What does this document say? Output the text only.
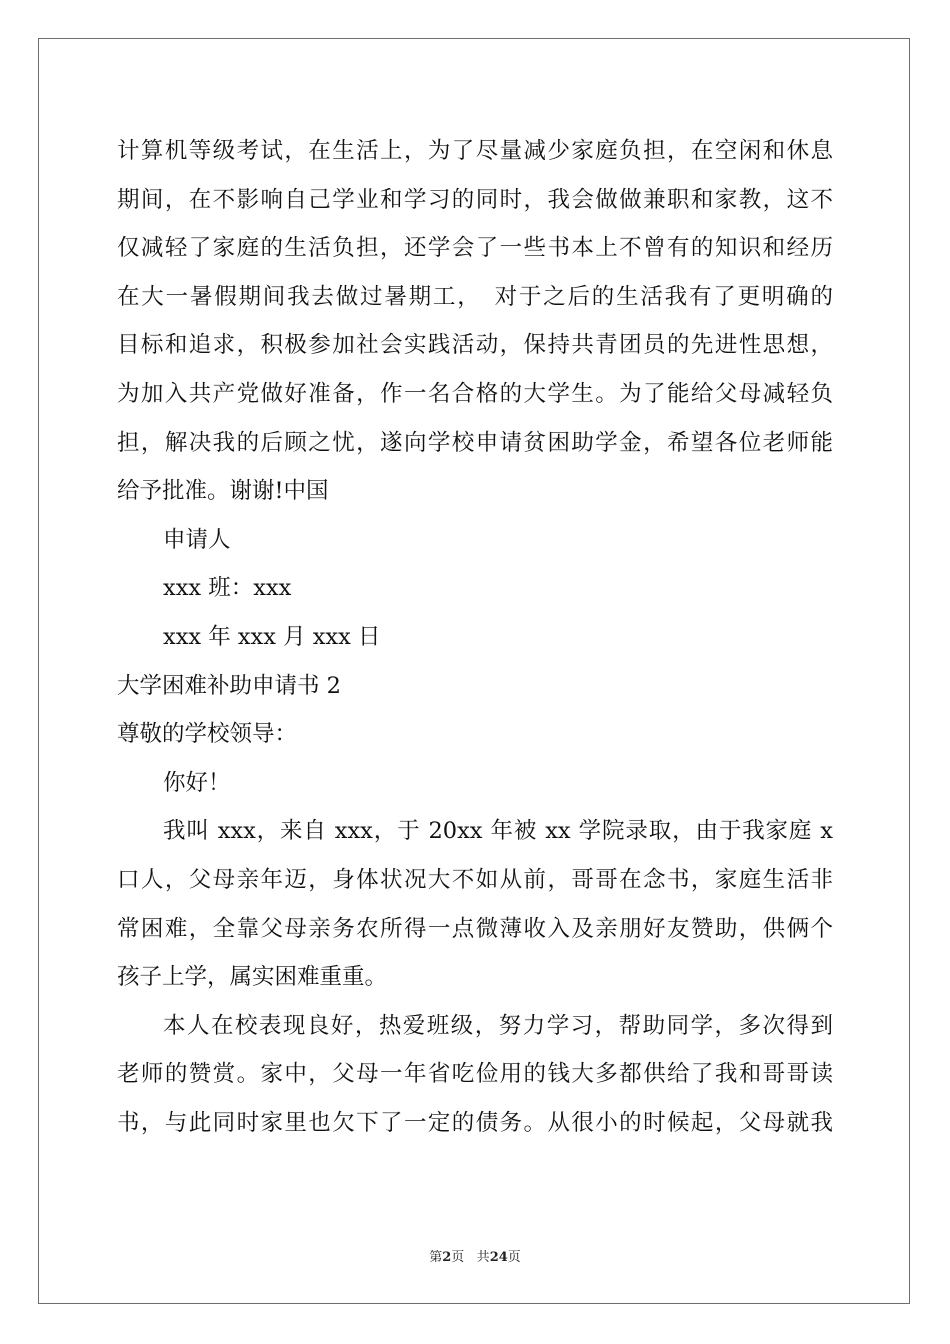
计算机等级考试，在生活上，为了尽量减少家庭负担，在空闲和休息

期间，在不影响自己学业和学习的同时，我会做做兼职和家教，这不

仅减轻了家庭的生活负担，还学会了一些书本上不曾有的知识和经历

在大一暑假期间我去做过暑期工，　对于之后的生活我有了更明确的

目标和追求，积极参加社会实践活动，保持共青团员的先进性思想，

为加入共产党做好准备，作一名合格的大学生。为了能给父母减轻负

担，解决我的后顾之忧，遂向学校申请贫困助学金，希望各位老师能

给予批准。谢谢!中国

申请人

xxx 班：xxx

xxx 年 xxx 月 xxx 日

大学困难补助申请书 2

尊敬的学校领导：

你好！

我叫 xxx，来自 xxx，于 20xx 年被 xx 学院录取，由于我家庭 x

口人，父母亲年迈，身体状况大不如从前，哥哥在念书，家庭生活非

常困难，全靠父母亲务农所得一点微薄收入及亲朋好友赞助，供俩个

孩子上学，属实困难重重。

本人在校表现良好，热爱班级，努力学习，帮助同学，多次得到

老师的赞赏。家中，父母一年省吃俭用的钱大多都供给了我和哥哥读

书，与此同时家里也欠下了一定的债务。从很小的时候起，父母就我

第2页 共24页
